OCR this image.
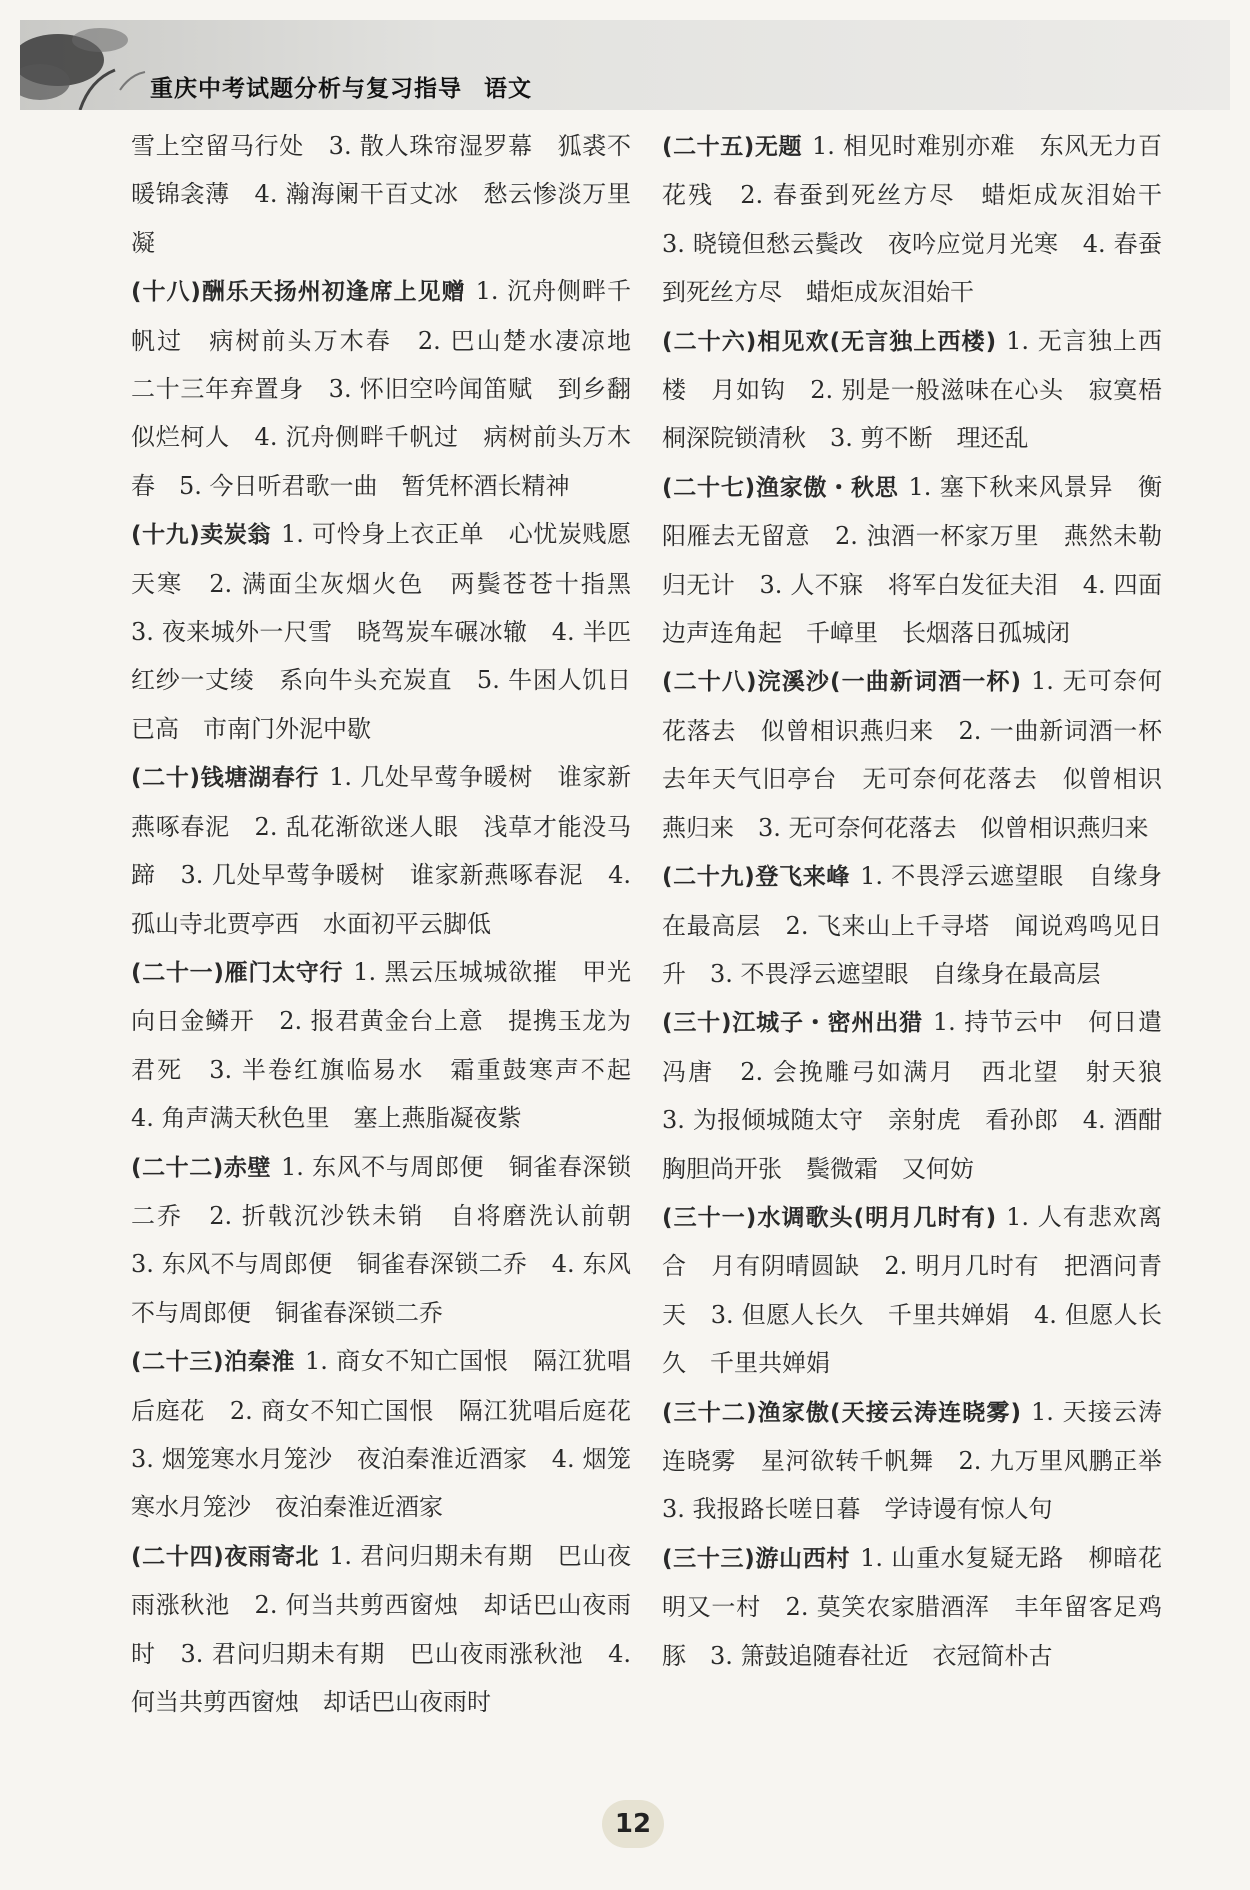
重庆中考试题分析与复习指导 语文

雪上空留马行处　3. 散人珠帘湿罗幕　狐裘不暖锦衾薄　4. 瀚海阑干百丈冰　愁云惨淡万里凝

(十八)酬乐天扬州初逢席上见赠 1. 沉舟侧畔千帆过　病树前头万木春　2. 巴山楚水凄凉地　二十三年弃置身　3. 怀旧空吟闻笛赋　到乡翻似烂柯人　4. 沉舟侧畔千帆过　病树前头万木春　5. 今日听君歌一曲　暂凭杯酒长精神

(十九)卖炭翁 1. 可怜身上衣正单　心忧炭贱愿天寒　2. 满面尘灰烟火色　两鬓苍苍十指黑　3. 夜来城外一尺雪　晓驾炭车碾冰辙　4. 半匹红纱一丈绫　系向牛头充炭直　5. 牛困人饥日已高　市南门外泥中歇

(二十)钱塘湖春行 1. 几处早莺争暖树　谁家新燕啄春泥　2. 乱花渐欲迷人眼　浅草才能没马蹄　3. 几处早莺争暖树　谁家新燕啄春泥　4. 孤山寺北贾亭西　水面初平云脚低

(二十一)雁门太守行 1. 黑云压城城欲摧　甲光向日金鳞开　2. 报君黄金台上意　提携玉龙为君死　3. 半卷红旗临易水　霜重鼓寒声不起　4. 角声满天秋色里　塞上燕脂凝夜紫

(二十二)赤壁 1. 东风不与周郎便　铜雀春深锁二乔　2. 折戟沉沙铁未销　自将磨洗认前朝　3. 东风不与周郎便　铜雀春深锁二乔　4. 东风不与周郎便　铜雀春深锁二乔

(二十三)泊秦淮 1. 商女不知亡国恨　隔江犹唱后庭花　2. 商女不知亡国恨　隔江犹唱后庭花　3. 烟笼寒水月笼沙　夜泊秦淮近酒家　4. 烟笼寒水月笼沙　夜泊秦淮近酒家

(二十四)夜雨寄北 1. 君问归期未有期　巴山夜雨涨秋池　2. 何当共剪西窗烛　却话巴山夜雨时　3. 君问归期未有期　巴山夜雨涨秋池　4. 何当共剪西窗烛　却话巴山夜雨时

(二十五)无题 1. 相见时难别亦难　东风无力百花残　2. 春蚕到死丝方尽　蜡炬成灰泪始干　3. 晓镜但愁云鬓改　夜吟应觉月光寒　4. 春蚕到死丝方尽　蜡炬成灰泪始干

(二十六)相见欢(无言独上西楼) 1. 无言独上西楼　月如钩　2. 别是一般滋味在心头　寂寞梧桐深院锁清秋　3. 剪不断　理还乱

(二十七)渔家傲・秋思 1. 塞下秋来风景异　衡阳雁去无留意　2. 浊酒一杯家万里　燕然未勒归无计　3. 人不寐　将军白发征夫泪　4. 四面边声连角起　千嶂里　长烟落日孤城闭

(二十八)浣溪沙(一曲新词酒一杯) 1. 无可奈何花落去　似曾相识燕归来　2. 一曲新词酒一杯　去年天气旧亭台　无可奈何花落去　似曾相识燕归来　3. 无可奈何花落去　似曾相识燕归来

(二十九)登飞来峰 1. 不畏浮云遮望眼　自缘身在最高层　2. 飞来山上千寻塔　闻说鸡鸣见日升　3. 不畏浮云遮望眼　自缘身在最高层

(三十)江城子・密州出猎 1. 持节云中　何日遣冯唐　2. 会挽雕弓如满月　西北望　射天狼　3. 为报倾城随太守　亲射虎　看孙郎　4. 酒酣胸胆尚开张　鬓微霜　又何妨

(三十一)水调歌头(明月几时有) 1. 人有悲欢离合　月有阴晴圆缺　2. 明月几时有　把酒问青天　3. 但愿人长久　千里共婵娟　4. 但愿人长久　千里共婵娟

(三十二)渔家傲(天接云涛连晓雾) 1. 天接云涛连晓雾　星河欲转千帆舞　2. 九万里风鹏正举　3. 我报路长嗟日暮　学诗谩有惊人句

(三十三)游山西村 1. 山重水复疑无路　柳暗花明又一村　2. 莫笑农家腊酒浑　丰年留客足鸡豚　3. 箫鼓追随春社近　衣冠简朴古

12
